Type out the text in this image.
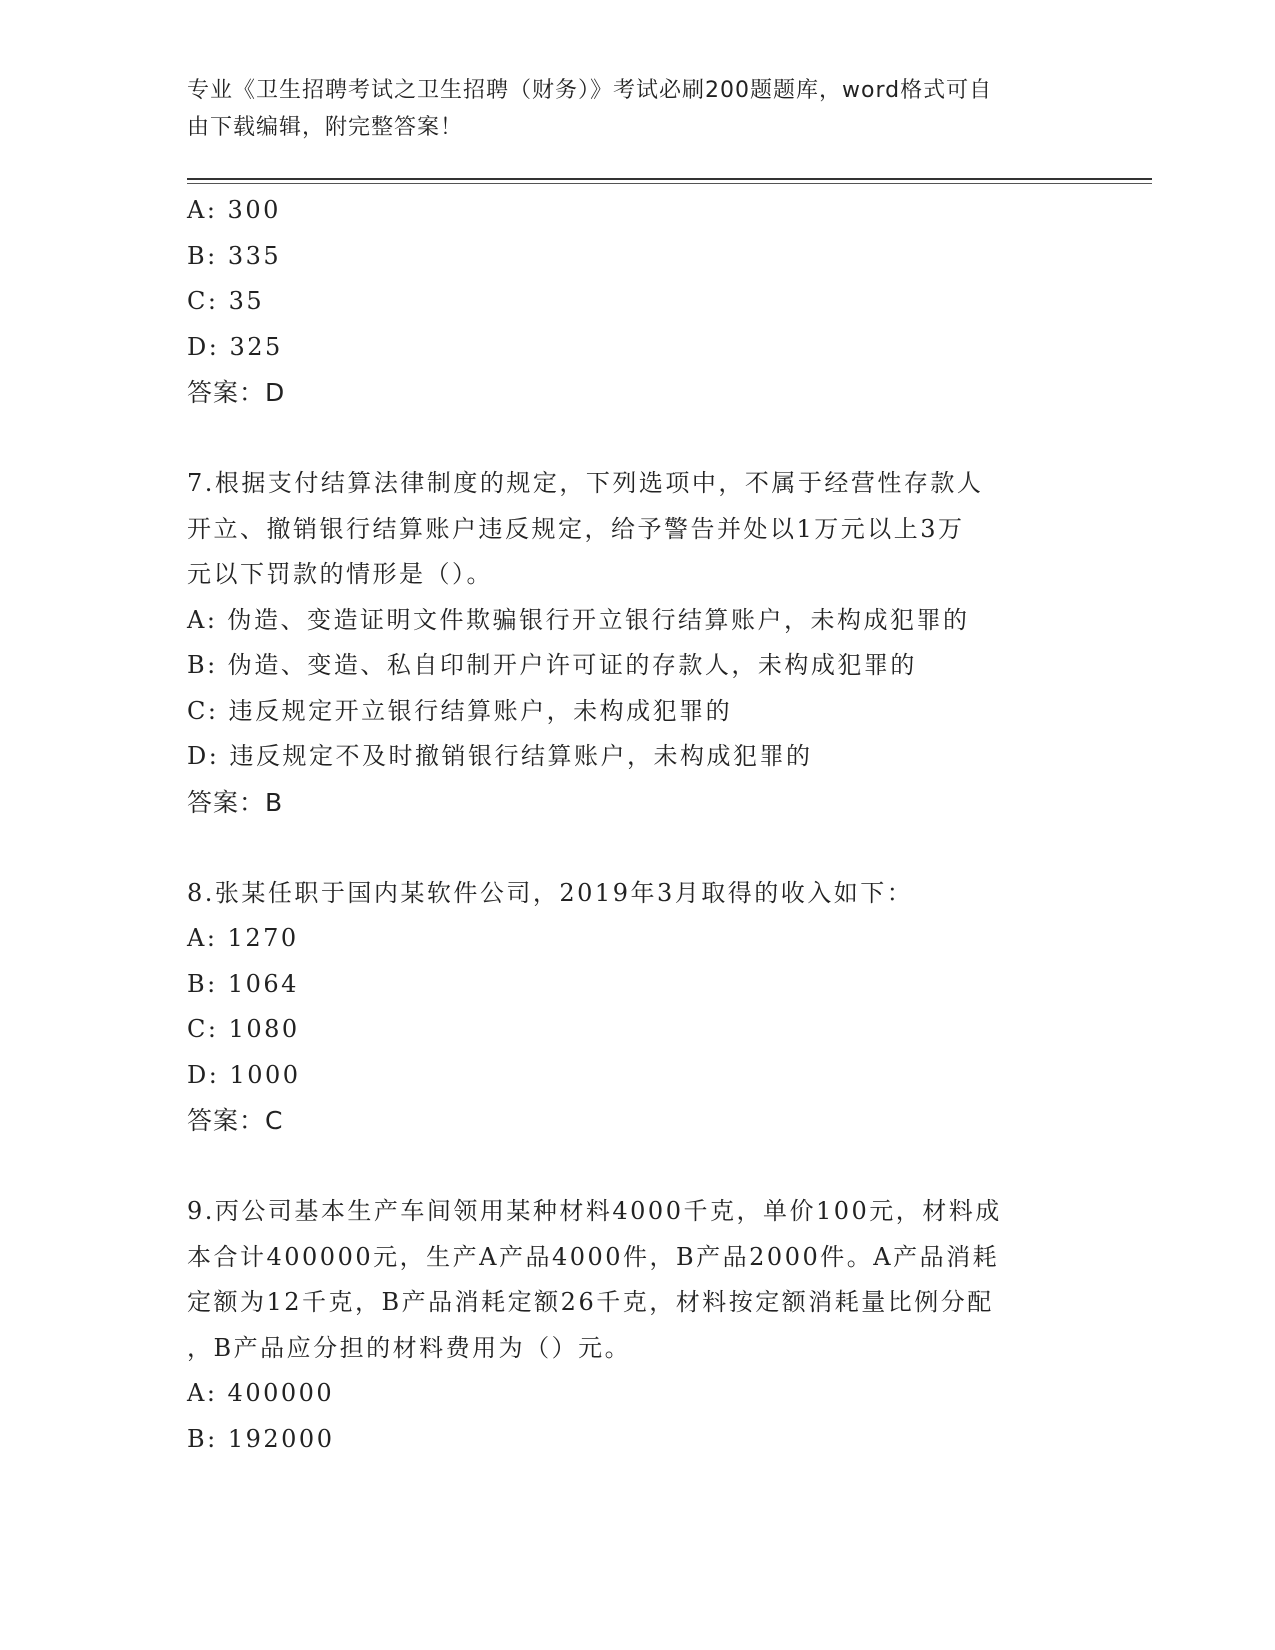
专业《卫生招聘考试之卫生招聘（财务）》考试必刷200题题库，word格式可自
由下载编辑，附完整答案！
A: 300
B: 335
C: 35
D: 325
答案：D
7.根据支付结算法律制度的规定，下列选项中，不属于经营性存款人
开立、撤销银行结算账户违反规定，给予警告并处以1万元以上3万
元以下罚款的情形是（）。
A: 伪造、变造证明文件欺骗银行开立银行结算账户，未构成犯罪的
B: 伪造、变造、私自印制开户许可证的存款人，未构成犯罪的
C: 违反规定开立银行结算账户，未构成犯罪的
D: 违反规定不及时撤销银行结算账户，未构成犯罪的
答案：B
8.张某任职于国内某软件公司，2019年3月取得的收入如下：
A: 1270
B: 1064
C: 1080
D: 1000
答案：C
9.丙公司基本生产车间领用某种材料4000千克，单价100元，材料成
本合计400000元，生产A产品4000件，B产品2000件。A产品消耗
定额为12千克，B产品消耗定额26千克，材料按定额消耗量比例分配
，B产品应分担的材料费用为（）元。
A: 400000
B: 192000
